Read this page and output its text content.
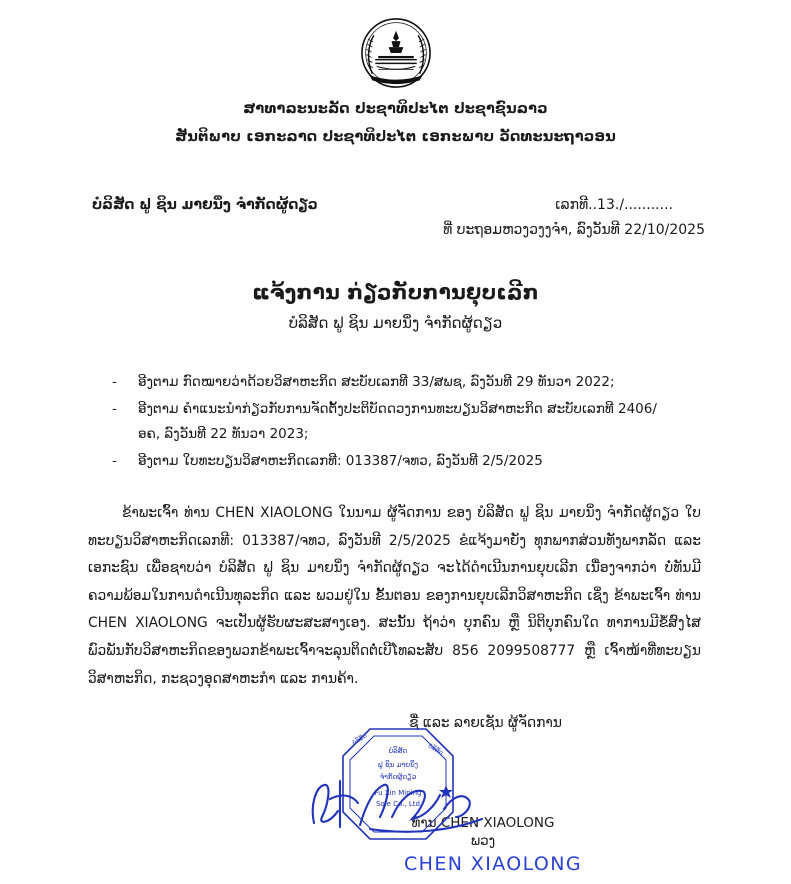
ສາທາລະນະລັດ ປະຊາທິປະໄຕ ປະຊາຊົນລາວ
ສັນຕິພາບ ເອກະລາດ ປະຊາທິປະໄຕ ເອກະພາບ ວັດທະນະຖາວອນ
ບໍລິສັດ ຟູ ຊິນ ມາຍນິ່ງ ຈຳກັດຜູ້ດຽວ	ເລກທີ..13./...........
ທີ່ ບະຖອມຫວງວງງຈຳ, ລົງວັນທີ 22/10/2025
ແຈ້ງການ ກ່ຽວກັບການຍຸບເລີກ
ບໍລິສັດ ຟູ ຊິນ ມາຍນິ່ງ ຈຳກັດຜູ້ດຽວ
-	ອີງຕາມ ກົດໝາຍວ່າດ້ວຍວິສາຫະກິດ ສະບັບເລກທີ 33/ສພຊ, ລົງວັນທີ 29 ທັນວາ 2022;
-	ອີງຕາມ ຄຳແນະນຳກ່ຽວກັບການຈັດຕັ້ງປະຕິບັດດວງການທະບຽນວິສາຫະກິດ ສະບັບເລກທີ 2406/ອຄ, ລົງວັນທີ 22 ທັນວາ 2023;
-	ອີງຕາມ ໃບທະບຽນວິສາຫະກິດເລກທີ: 013387/ຈທວ, ລົງວັນທີ 2/5/2025
ຂ້າພະເຈົ້າ ທ່ານ CHEN XIAOLONG ໃນນາມ ຜູ້ຈັດການ ຂອງ ບໍລິສັດ ຟູ ຊິນ ມາຍນິ່ງ ຈຳກັດຜູ້ດຽວ ໃບທະບຽນວິສາຫະກິດເລກທີ: 013387/ຈທວ, ລົງວັນທີ 2/5/2025 ຂໍແຈ້ງມາຍັງ ທຸກພາກສ່ວນທັງພາກລັດ ແລະ ເອກະຊົນ ເພື່ອຊາບວ່າ ບໍລິສັດ ຟູ ຊິນ ມາຍນິ່ງ ຈຳກັດຜູ້ດຽວ ຈະໄດ້ດຳເນີນການຍຸບເລີກ ເນື່ອງຈາກວ່າ ບໍ່ທັນມີຄວາມພ້ອມໃນການດຳເນີນທຸລະກິດ ແລະ ພວມຢູ່ໃນ ຂັ້ນຕອນ ຂອງການຍຸບເລີກວິສາຫະກິດ ເຊິ່ງ ຂ້າພະເຈົ້າ ທ່ານ CHEN XIAOLONG ຈະເປັນຜູ້ຮັບຜະສະສາງເອງ. ສະນັ້ນ ຖ້າວ່າ ບຸກຄົນ ຫຼື ນິຕິບຸກຄົນໃດ ທາການມີຂໍ້ສົງໄສພົວພັນກັບວິສາຫະກິດຂອງພວກຂ້າພະເຈົ້າຈະລຸນຕິດຕໍ່ເບີໂທລະສັບ 856 2099508777 ຫຼື ເຈົ້າໜ້າທີ່ທະບຽນ ວິສາຫະກິດ, ກະຊວງອຸດສາຫະກຳ ແລະ ການຄ້າ.
ຊື່ ແລະ ລາຍເຊັນ ຜູ້ຈັດການ
ບໍລິສັດ
ຟູ ຊິນ ມາຍນິ່ງ
ຈຳກັດຜູ້ດຽວ
Fu Xin Mining
Sole Co., Ltd
ບໍລິສັດ
ບໍລິສັດ
ທ່ານ CHEN XIAOLONG
ພວງ
CHEN XIAOLONG
